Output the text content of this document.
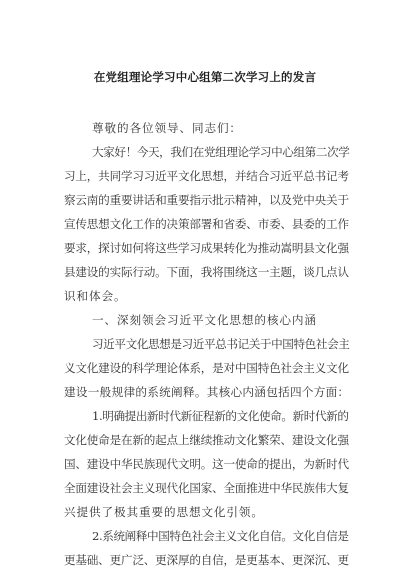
在党组理论学习中心组第二次学习上的发言
尊敬的各位领导、同志们：
大家好！今天，我们在党组理论学习中心组第二次学
习上，共同学习习近平文化思想，并结合习近平总书记考
察云南的重要讲话和重要指示批示精神，以及党中央关于
宣传思想文化工作的决策部署和省委、市委、县委的工作
要求，探讨如何将这些学习成果转化为推动嵩明县文化强
县建设的实际行动。下面，我将围绕这一主题，谈几点认
识和体会。
一、深刻领会习近平文化思想的核心内涵
习近平文化思想是习近平总书记关于中国特色社会主
义文化建设的科学理论体系，是对中国特色社会主义文化
建设一般规律的系统阐释。其核心内涵包括四个方面：
1.明确提出新时代新征程新的文化使命。新时代新的
文化使命是在新的起点上继续推动文化繁荣、建设文化强
国、建设中华民族现代文明。这一使命的提出，为新时代
全面建设社会主义现代化国家、全面推进中华民族伟大复
兴提供了极其重要的思想文化引领。
2.系统阐释中国特色社会主义文化自信。文化自信是
更基础、更广泛、更深厚的自信，是更基本、更深沉、更
